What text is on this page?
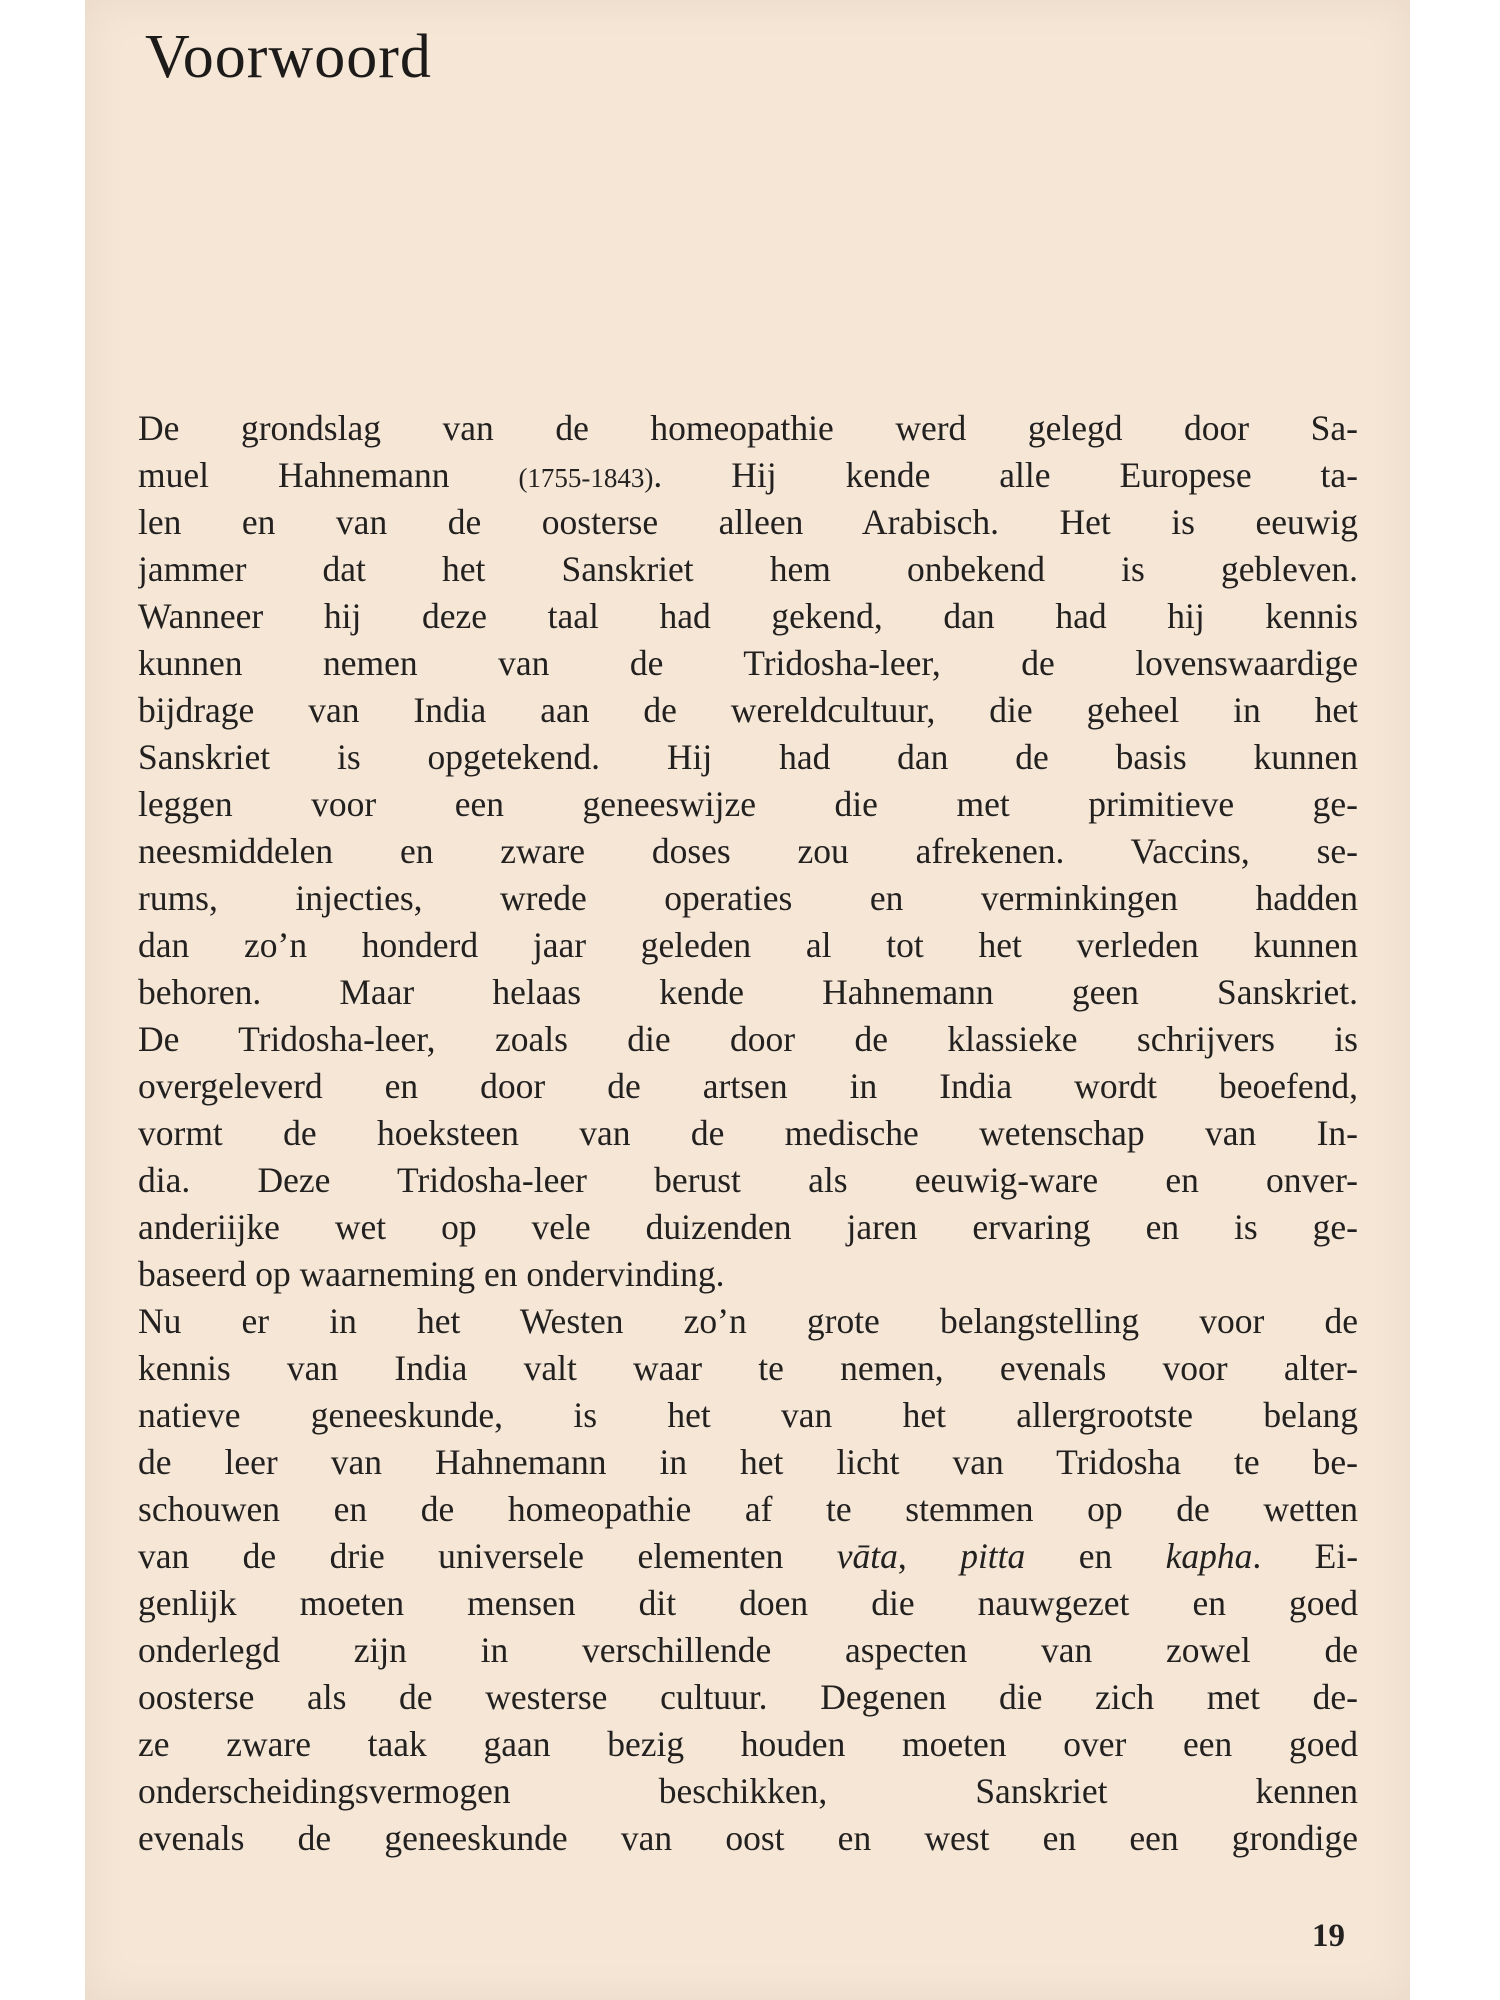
Voorwoord
De grondslag van de homeopathie werd gelegd door Sa-
muel Hahnemann	(1755-1843). Hij kende alle Europese ta-
len en van de oosterse alleen Arabisch. Het is eeuwig
jammer dat het Sanskriet hem onbekend is gebleven.
Wanneer hij deze taal had gekend, dan had hij kennis
kunnen nemen van de Tridosha-leer, de lovenswaardige
bijdrage van India aan de wereldcultuur, die geheel in het
Sanskriet is opgetekend. Hij had dan de basis kunnen
leggen voor een geneeswijze die met primitieve ge-
neesmiddelen en zware doses zou afrekenen. Vaccins, se-
rums, injecties, wrede operaties en verminkingen hadden
dan zo’n honderd jaar geleden al tot het verleden kunnen
behoren. Maar helaas kende Hahnemann geen Sanskriet.
De Tridosha-leer, zoals die door de klassieke schrijvers is
overgeleverd en door de artsen in India wordt beoefend,
vormt de hoeksteen van de medische wetenschap van In-
dia. Deze Tridosha-leer berust als eeuwig-ware en onver-
anderiijke wet op vele duizenden jaren ervaring en is ge-
baseerd op waarneming en ondervinding.
Nu er in het Westen zo’n grote belangstelling voor de
kennis van India valt waar te nemen, evenals voor alter-
natieve geneeskunde, is het van het allergrootste belang
de leer van Hahnemann in het licht van Tridosha te be-
schouwen en de homeopathie af te stemmen op de wetten
van de drie universele elementen vāta, pitta en kapha. Ei-
genlijk moeten mensen dit doen die nauwgezet en goed
onderlegd zijn in verschillende aspecten van zowel de
oosterse als de westerse cultuur. Degenen die zich met de-
ze zware taak gaan bezig houden moeten over een goed
onderscheidingsvermogen beschikken, Sanskriet kennen
evenals de geneeskunde van oost en west en een grondige
19
